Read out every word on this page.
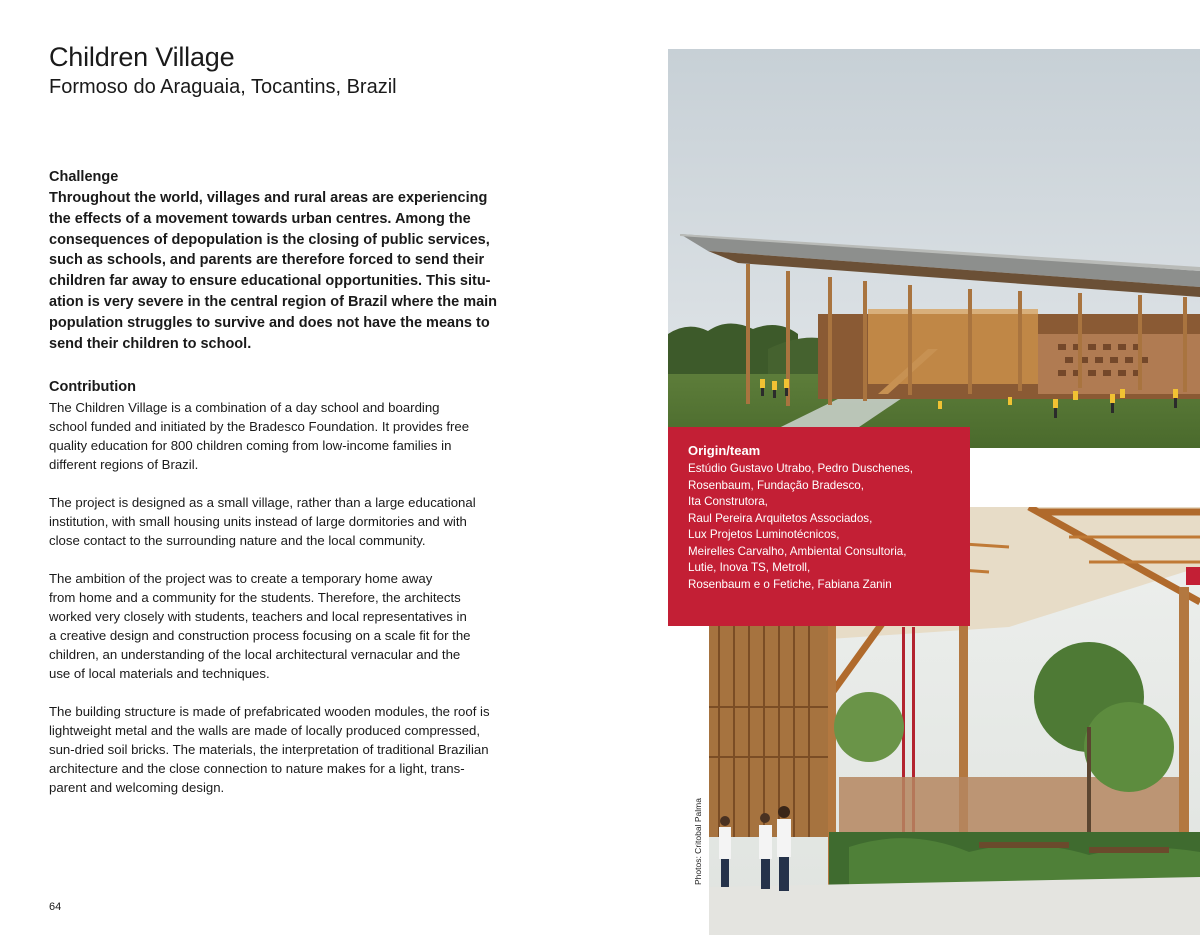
Children Village
Formoso do Araguaia, Tocantins, Brazil
Challenge
Throughout the world, villages and rural areas are experiencing
the effects of a movement towards urban centres. Among the
consequences of depopulation is the closing of public services,
such as schools, and parents are therefore forced to send their
children far away to ensure educational opportunities. This situ-
ation is very severe in the central region of Brazil where the main
population struggles to survive and does not have the means to
send their children to school.
Contribution
The Children Village is a combination of a day school and boarding
school funded and initiated by the Bradesco Foundation. It provides free
quality education for 800 children coming from low-income families in
different regions of Brazil.
The project is designed as a small village, rather than a large educational
institution, with small housing units instead of large dormitories and with
close contact to the surrounding nature and the local community.
The ambition of the project was to create a temporary home away
from home and a community for the students. Therefore, the architects
worked very closely with students, teachers and local representatives in
a creative design and construction process focusing on a scale fit for the
children, an understanding of the local architectural vernacular and the
use of local materials and techniques.
The building structure is made of prefabricated wooden modules, the roof is
lightweight metal and the walls are made of locally produced compressed,
sun-dried soil bricks. The materials, the interpretation of traditional Brazilian
architecture and the close connection to nature makes for a light, trans-
parent and welcoming design.
64
Origin/team
Estúdio Gustavo Utrabo, Pedro Duschenes,
Rosenbaum, Fundação Bradesco,
Ita Construtora,
Raul Pereira Arquitetos Associados,
Lux Projetos Luminotécnicos,
Meirelles Carvalho, Ambiental Consultoria,
Lutie, Inova TS, Metroll,
Rosenbaum e o Fetiche, Fabiana Zanin
Photos: Critobal Palma
